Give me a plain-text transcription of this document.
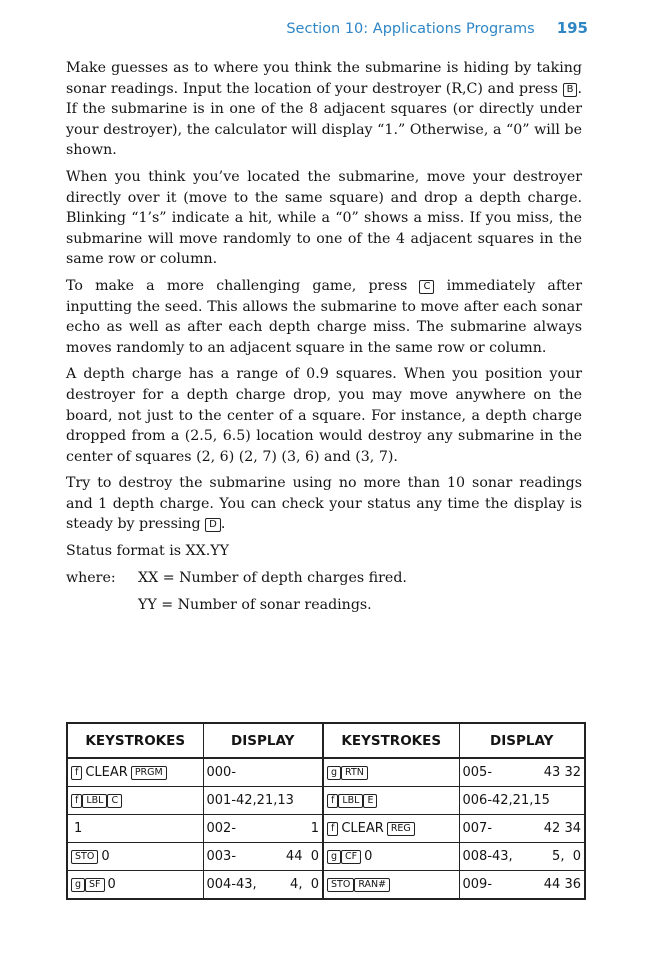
Section 10: Applications Programs 195

Make guesses as to where you think the submarine is hiding by taking sonar readings. Input the location of your destroyer (R,C) and press B . If the submarine is in one of the 8 adjacent squares (or directly under your destroyer), the calculator will display “1.” Otherwise, a “0” will be shown.

When you think you’ve located the submarine, move your destroyer directly over it (move to the same square) and drop a depth charge. Blinking “1’s” indicate a hit, while a “0” shows a miss. If you miss, the submarine will move randomly to one of the 4 adjacent squares in the same row or column.

To make a more challenging game, press C immediately after inputting the seed. This allows the submarine to move after each sonar echo as well as after each depth charge miss. The submarine always moves randomly to an adjacent square in the same row or column.

A depth charge has a range of 0.9 squares. When you position your destroyer for a depth charge drop, you may move anywhere on the board, not just to the center of a square. For instance, a depth charge dropped from a (2.5, 6.5) location would destroy any submarine in the center of squares (2, 6) (2, 7) (3, 6) and (3, 7).

Try to destroy the submarine using no more than 10 sonar readings and 1 depth charge. You can check your status any time the display is steady by pressing D .

Status format is XX.YY

where: XX = Number of depth charges fired.

YY = Number of sonar readings.

KEYSTROKES	DISPLAY	KEYSTROKES	DISPLAY
f CLEAR PRGM	000-	g RTN	005- 43 32

f LBL C	001-42,21,13	f LBL E	006-42,21,15

1	002- 1	f CLEAR REG	007- 42 34

STO 0	003- 44  0	g CF 0	008-43, 5,  0

g SF 0	004-43, 4,  0	STO RAN#	009- 44 36
